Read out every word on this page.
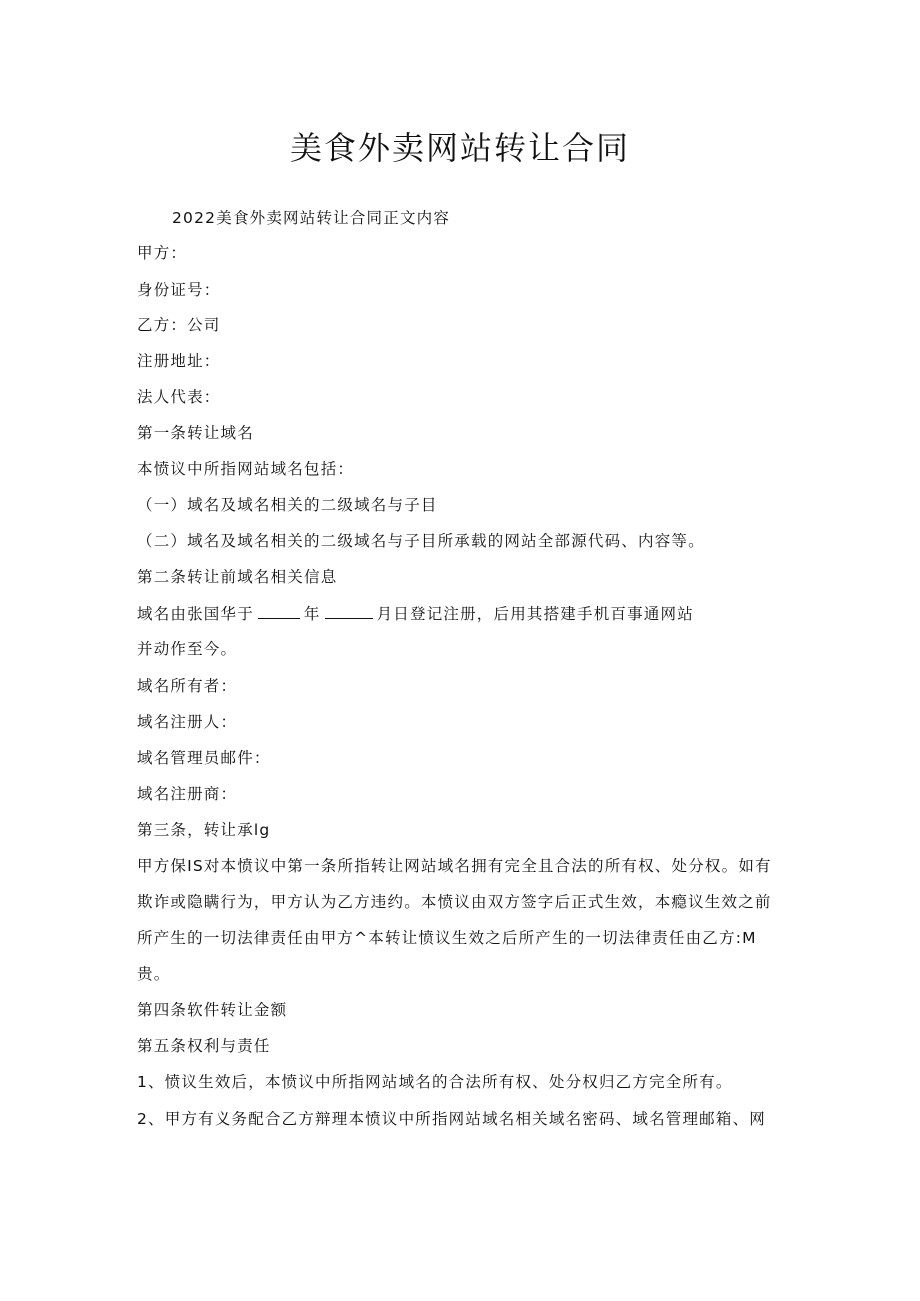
美食外卖网站转让合同
2022美食外卖网站转让合同正文内容
甲方：
身份证号：
乙方：公司
注册地址：
法人代表：
第一条转让域名
本愤议中所指网站域名包括：
（一）域名及域名相关的二级域名与子目
（二）域名及域名相关的二级域名与子目所承载的网站全部源代码、内容等。
第二条转让前域名相关信息
域名由张国华于	年	月日登记注册，后用其搭建手机百事通网站
并动作至今。
域名所有者：
域名注册人：
域名管理员邮件：
域名注册商：
第三条，转让承lg
甲方保IS对本愤议中第一条所指转让网站域名拥有完全且合法的所有权、处分权。如有
欺诈或隐瞒行为，甲方认为乙方违约。本愤议由双方签字后正式生效，本瘾议生效之前
所产生的一切法律责任由甲方^本转让愤议生效之后所产生的一切法律责任由乙方:M
贵。
第四条软件转让金额
第五条权利与责任
1、愤议生效后，本愤议中所指网站域名的合法所有权、处分权归乙方完全所有。
2、甲方有义务配合乙方辩理本愤议中所指网站域名相关域名密码、域名管理邮箱、网
